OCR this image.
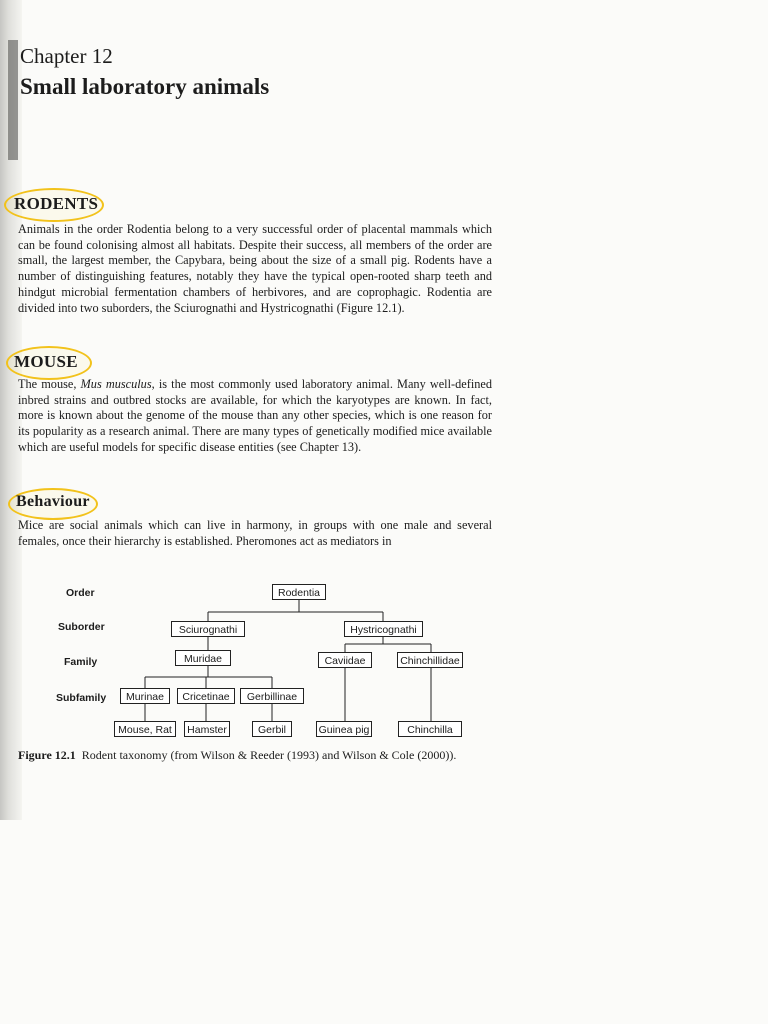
Chapter 12
Small laboratory animals
RODENTS

Animals in the order Rodentia belong to a very successful order of placental mammals which can be found colonising almost all habitats. Despite their success, all members of the order are small, the largest member, the Capybara, being about the size of a small pig. Rodents have a number of distinguishing features, notably they have the typical open-rooted sharp teeth and hindgut microbial fermentation chambers of herbivores, and are coprophagic. Rodentia are divided into two suborders, the Sciurognathi and Hystricognathi (Figure 12.1).

MOUSE

The mouse, Mus musculus, is the most commonly used laboratory animal. Many well-defined inbred strains and outbred stocks are available, for which the karyotypes are known. In fact, more is known about the genome of the mouse than any other species, which is one reason for its popularity as a research animal. There are many types of genetically modified mice available which are useful models for specific disease entities (see Chapter 13).

Behaviour

Mice are social animals which can live in harmony, in groups with one male and several females, once their hierarchy is established. Pheromones act as mediators in

Order
Suborder
Family
Subfamily
Rodentia
Sciurognathi	Hystricognathi
Muridae	Caviidae	Chinchillidae
Murinae	Cricetinae	Gerbillinae
Mouse, Rat	Hamster	Gerbil	Guinea pig	Chinchilla
Figure 12.1 Rodent taxonomy (from Wilson & Reeder (1993) and Wilson & Cole (2000)).
